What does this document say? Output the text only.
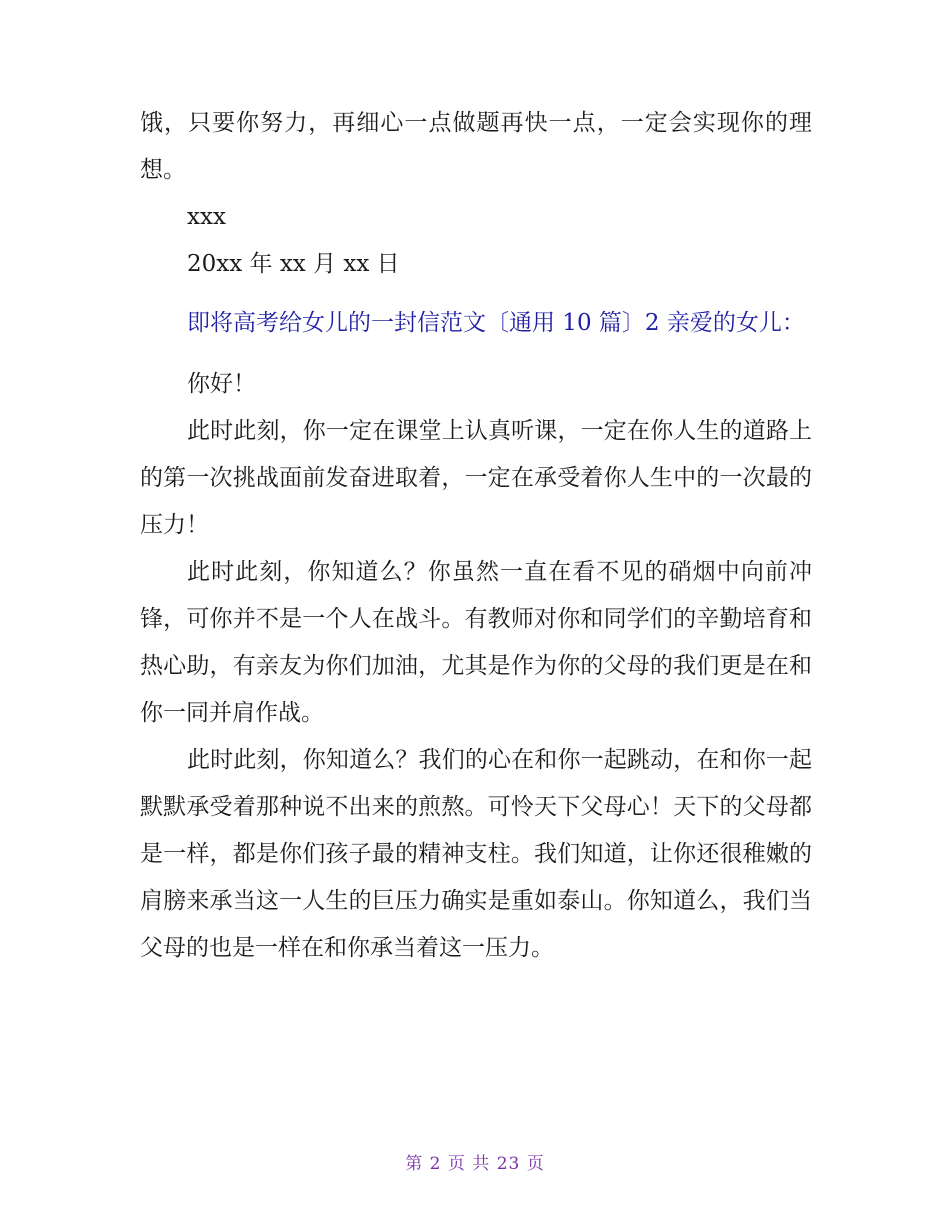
饿，只要你努力，再细心一点做题再快一点，一定会实现你的理想。

xxx

20xx 年 xx 月 xx 日

即将高考给女儿的一封信范文〔通用 10 篇〕2 亲爱的女儿：

你好！

此时此刻，你一定在课堂上认真听课，一定在你人生的道路上的第一次挑战面前发奋进取着，一定在承受着你人生中的一次最的压力！

此时此刻，你知道么？你虽然一直在看不见的硝烟中向前冲锋，可你并不是一个人在战斗。有教师对你和同学们的辛勤培育和热心助，有亲友为你们加油，尤其是作为你的父母的我们更是在和你一同并肩作战。

此时此刻，你知道么？我们的心在和你一起跳动，在和你一起默默承受着那种说不出来的煎熬。可怜天下父母心！天下的父母都是一样，都是你们孩子最的精神支柱。我们知道，让你还很稚嫩的肩膀来承当这一人生的巨压力确实是重如泰山。你知道么，我们当父母的也是一样在和你承当着这一压力。

第 2 页 共 23 页
